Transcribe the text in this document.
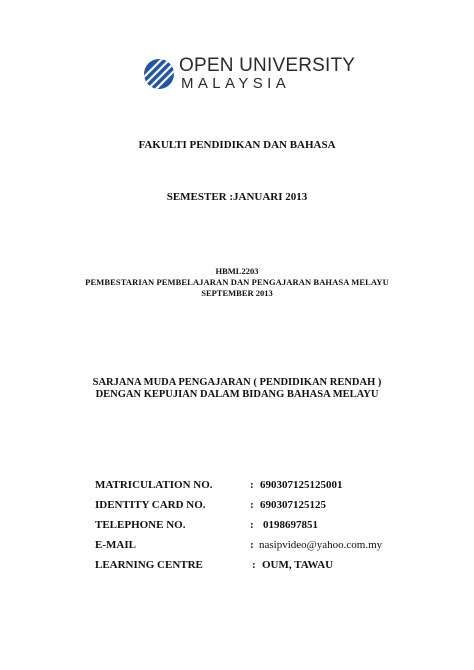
OPEN UNIVERSITY
MALAYSIA
FAKULTI PENDIDIKAN DAN BAHASA
SEMESTER :JANUARI 2013
HBML2203
PEMBESTARIAN PEMBELAJARAN DAN PENGAJARAN BAHASA MELAYU
SEPTEMBER 2013
SARJANA MUDA PENGAJARAN ( PENDIDIKAN RENDAH )
DENGAN KEPUJIAN DALAM BIDANG BAHASA MELAYU
MATRICULATION NO.	: 690307125125001
IDENTITY CARD NO.	: 690307125125
TELEPHONE NO.	: 0198697851
E-MAIL	: nasipvideo@yahoo.com.my
LEARNING CENTRE	: OUM, TAWAU
